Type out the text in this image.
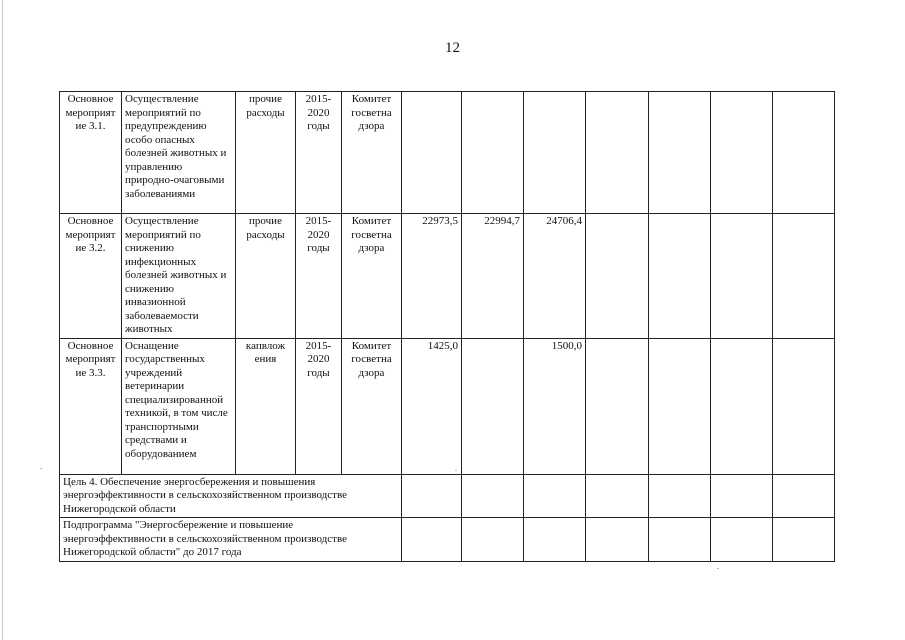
12
Основное мероприят ие 3.1.	Осуществление мероприятий по предупреждению особо опасных болезней животных и управлению природно-очаговыми заболеваниями	прочие расходы	2015-2020 годы	Комитет госветна дзора							
Основное мероприят ие 3.2.	Осуществление мероприятий по снижению инфекционных болезней животных и снижению инвазионной заболеваемости животных	прочие расходы	2015-2020 годы	Комитет госветна дзора	22973,5	22994,7	24706,4				
Основное мероприят ие 3.3.	Оснащение государственных учреждений ветеринарии специализированной техникой, в том числе транспортными средствами и оборудованием	капвлож ения	2015-2020 годы	Комитет госветна дзора	1425,0		1500,0				
Цель 4. Обеспечение энергосбережения и повышения энергоэффективности в сельскохозяйственном производстве Нижегородской области											
Подпрограмма "Энергосбережение и повышение энергоэффективности в сельскохозяйственном производстве Нижегородской области" до 2017 года											
